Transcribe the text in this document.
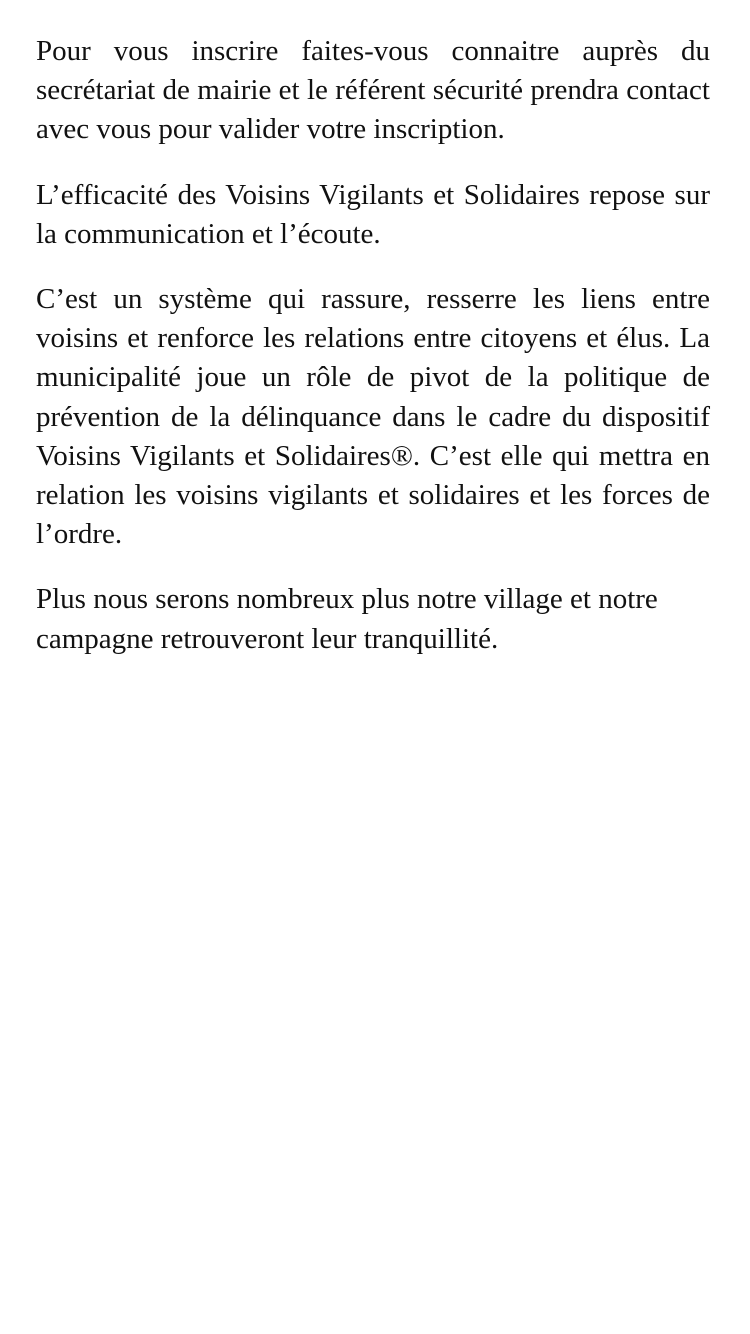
Pour vous inscrire faites-vous connaitre auprès du secrétariat de mairie et le référent sécurité prendra contact avec vous pour valider votre inscription.

L’efficacité des Voisins Vigilants et Solidaires repose sur la communication et l’écoute.

C’est un système qui rassure, resserre les liens entre voisins et renforce les relations entre citoyens et élus. La municipalité joue un rôle de pivot de la politique de prévention de la délinquance dans le cadre du dispositif Voisins Vigilants et Solidaires®. C’est elle qui mettra en relation les voisins vigilants et solidaires et les forces de l’ordre.

Plus nous serons nombreux plus notre village et notre campagne retrouveront leur tranquillité.
